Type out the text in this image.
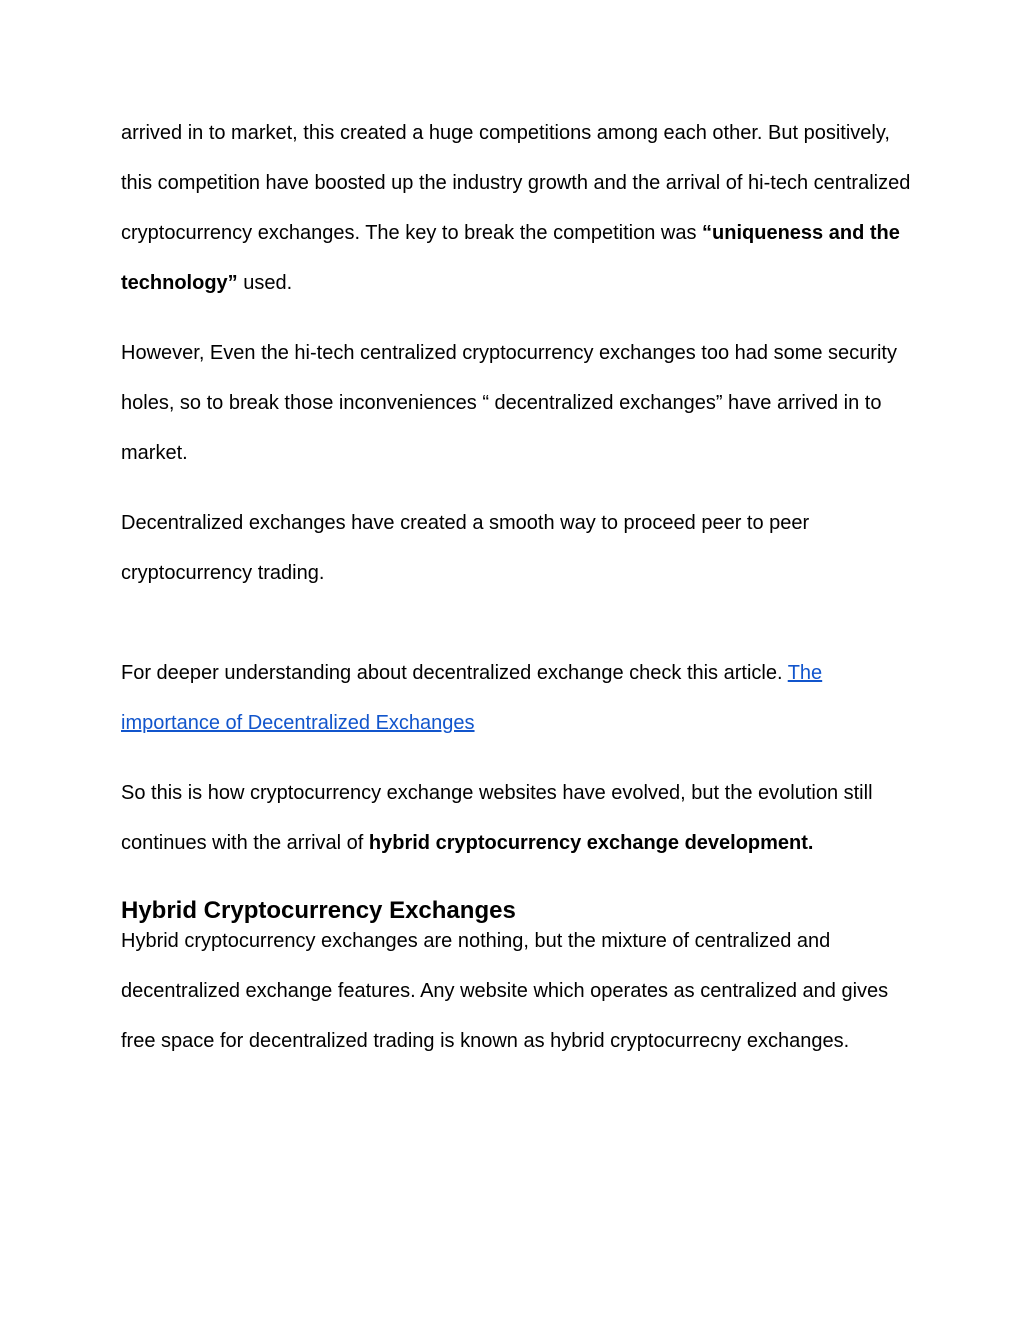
arrived in to market, this created a huge competitions among each other. But positively, this competition have boosted up the industry growth and the arrival of hi-tech centralized cryptocurrency exchanges. The key to break the competition was “uniqueness and the technology” used.

However, Even the hi-tech centralized cryptocurrency exchanges too had some security holes, so to break those inconveniences “ decentralized exchanges” have arrived in to market.

Decentralized exchanges have created a smooth way to proceed peer to peer cryptocurrency trading.

For deeper understanding about decentralized exchange check this article. The importance of Decentralized Exchanges

So this is how cryptocurrency exchange websites have evolved, but the evolution still continues with the arrival of hybrid cryptocurrency exchange development.

Hybrid Cryptocurrency Exchanges

Hybrid cryptocurrency exchanges are nothing, but the mixture of centralized and decentralized exchange features. Any website which operates as centralized and gives free space for decentralized trading is known as hybrid cryptocurrecny exchanges.
